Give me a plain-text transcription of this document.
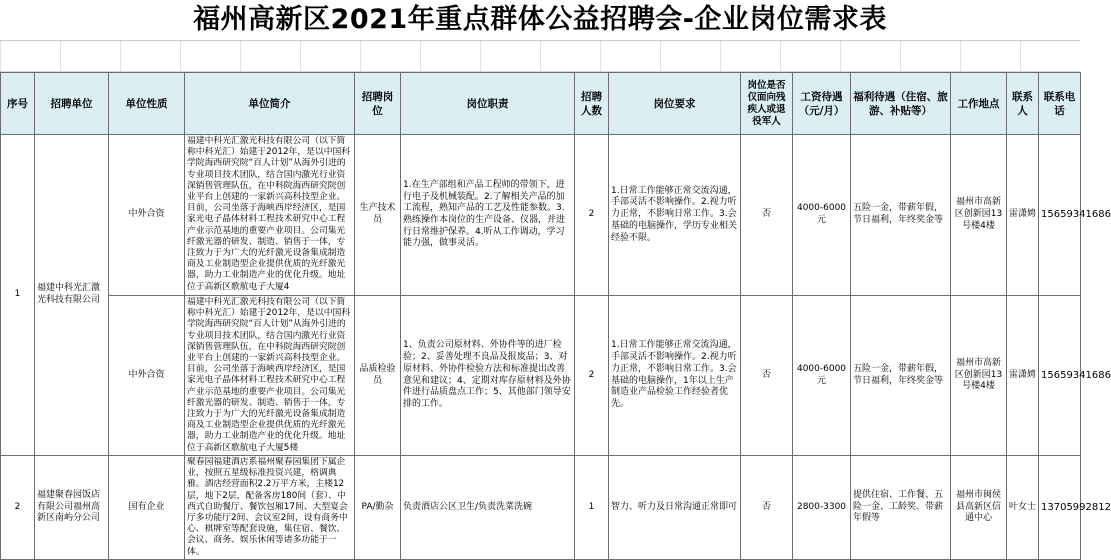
福州高新区2021年重点群体公益招聘会-企业岗位需求表
序号	招聘单位	单位性质	单位简介	招聘岗位	岗位职责	招聘人数	岗位要求	岗位是否仅面向残疾人或退役军人	工资待遇（元/月）	福利待遇（住宿、旅游、补贴等）	工作地点	联系人	联系电话
1	福建中科光汇激光科技有限公司	中外合资	福建中科光汇激光科技有限公司（以下简称中科光汇）始建于2012年，是以中国科学院海西研究院“百人计划”从海外引进的专业项目技术团队，结合国内激光行业资深销售管理队伍，在中科院海西研究院创业平台上创建的一家新兴高科技型企业。目前，公司坐落于海峡西岸经济区，是国家光电子晶体材料工程技术研究中心工程产业示范基地的重要产业项目。公司集光纤激光器的研发、制造、销售于一体，专注致力于为广大的光纤激光设备集成制造商及工业制造型企业提供优质的光纤激光器，助力工业制造产业的优化升级。地址位于高新区歌航电子大厦4	生产技术员	1.在生产部组和产品工程师的带领下，进行电子及机械装配。2.了解相关产品的加工流程，熟知产品的工艺及性能参数。3.熟练操作本岗位的生产设备、仪器，并进行日常维护保养。4.听从工作调动，学习能力强，做事灵活。	2	1.日常工作能够正常交流沟通，手部灵活不影响操作。2.视力听力正常，不影响日常工作。3.会基础的电脑操作，学历专业相关经验不限。	否	4000-6000元	五险一金，带薪年假，节日福利，年终奖金等	福州市高新区创新园13号楼4楼	雷潇娉	15659341686
		中外合资	福建中科光汇激光科技有限公司（以下简称中科光汇）始建于2012年，是以中国科学院海西研究院“百人计划”从海外引进的专业项目技术团队，结合国内激光行业资深销售管理队伍，在中科院海西研究院创业平台上创建的一家新兴高科技型企业。目前，公司坐落于海峡西岸经济区，是国家光电子晶体材料工程技术研究中心工程产业示范基地的重要产业项目。公司集光纤激光器的研发、制造、销售于一体，专注致力于为广大的光纤激光设备集成制造商及工业制造型企业提供优质的光纤激光器，助力工业制造产业的优化升级。地址位于高新区歌航电子大厦5楼	品质检验员	1、负责公司原材料、外协件等的进厂检验；2、妥善处理不良品及报废品；3、对原材料、外协件检验方法和标准提出改善意见和建议；4、定期对库存原材料及外协件进行品质盘点工作；5、其他部门领导安排的工作。	2	1.日常工作能够正常交流沟通，手部灵活不影响操作。2.视力听力正常，不影响日常工作。3.会基础的电脑操作，1年以上生产制造业产品检验工作经验者优先。	否	4000-6000元	五险一金，带薪年假，节日福利，年终奖金等	福州市高新区创新园13号楼4楼	雷潇娉	15659341686
2	福建聚春园饭店有限公司福州高新区南屿分公司	国有企业	聚春园福建酒店系福州聚春园集团下属企业，按照五星级标准投资兴建，格调典雅。酒店经营面积2.2万平方米，主楼12层，地下2层，配备客房180间（套）、中西式自助餐厅、餐饮包厢17间、大型宴会厅多功能厅2间、会议室2间，设有商务中心、棋牌室等配套设施，集住宿、餐饮、会议、商务、娱乐休闲等诸多功能于一体。	PA/勤杂	负责酒店公区卫生/负责洗菜洗碗	1	智力、听力及日常沟通正常即可	否	2800-3300	提供住宿、工作餐、五险一金、工龄奖、带薪年假等	福州市闽侯县高新区信通中心	叶女士	13705992812
